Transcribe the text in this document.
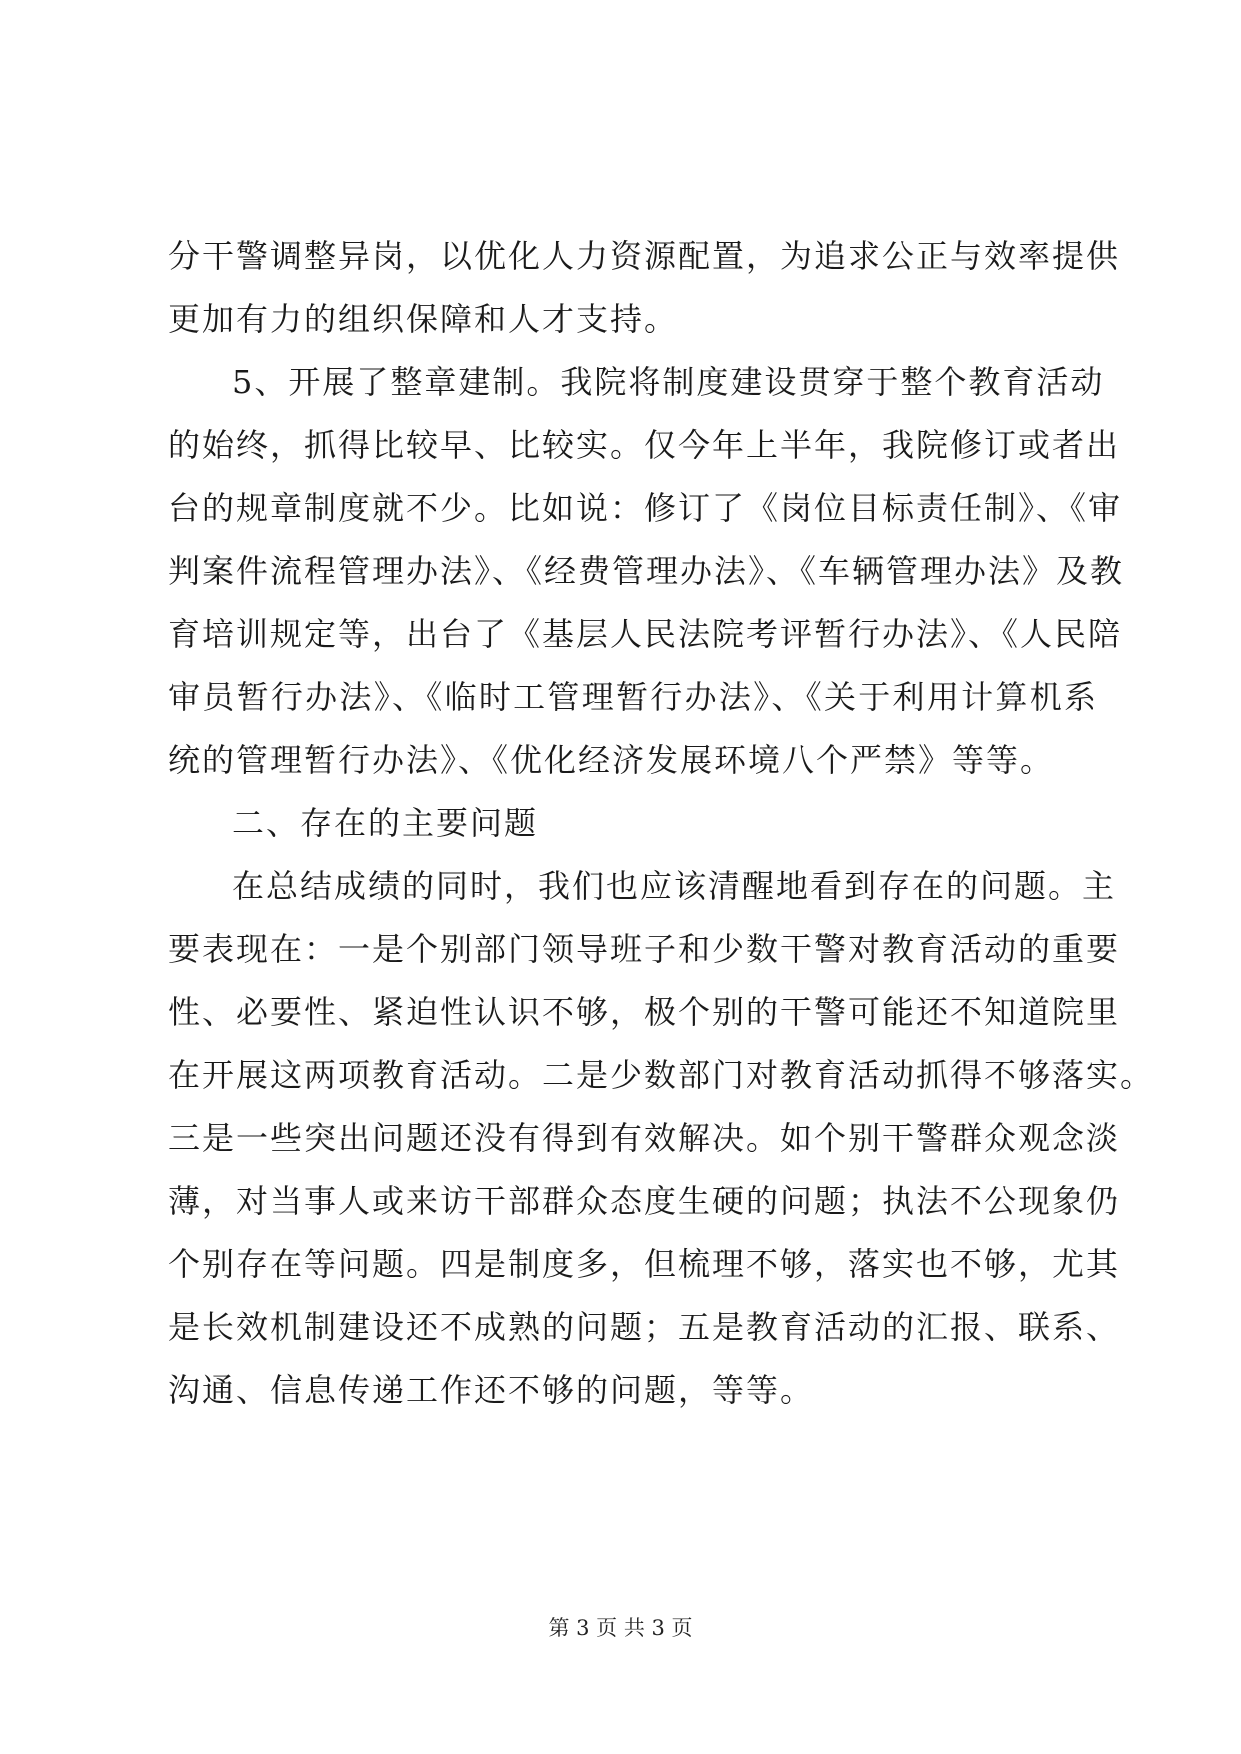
分干警调整异岗，以优化人力资源配置，为追求公正与效率提供
更加有力的组织保障和人才支持。
5、开展了整章建制。我院将制度建设贯穿于整个教育活动
的始终，抓得比较早、比较实。仅今年上半年，我院修订或者出
台的规章制度就不少。比如说：修订了《岗位目标责任制》、《审
判案件流程管理办法》、《经费管理办法》、《车辆管理办法》及教
育培训规定等，出台了《基层人民法院考评暂行办法》、《人民陪
审员暂行办法》、《临时工管理暂行办法》、《关于利用计算机系
统的管理暂行办法》、《优化经济发展环境八个严禁》等等。
二、存在的主要问题
在总结成绩的同时，我们也应该清醒地看到存在的问题。主
要表现在：一是个别部门领导班子和少数干警对教育活动的重要
性、必要性、紧迫性认识不够，极个别的干警可能还不知道院里
在开展这两项教育活动。二是少数部门对教育活动抓得不够落实。
三是一些突出问题还没有得到有效解决。如个别干警群众观念淡
薄，对当事人或来访干部群众态度生硬的问题；执法不公现象仍
个别存在等问题。四是制度多，但梳理不够，落实也不够，尤其
是长效机制建设还不成熟的问题；五是教育活动的汇报、联系、
沟通、信息传递工作还不够的问题，等等。
第 3 页 共 3 页
